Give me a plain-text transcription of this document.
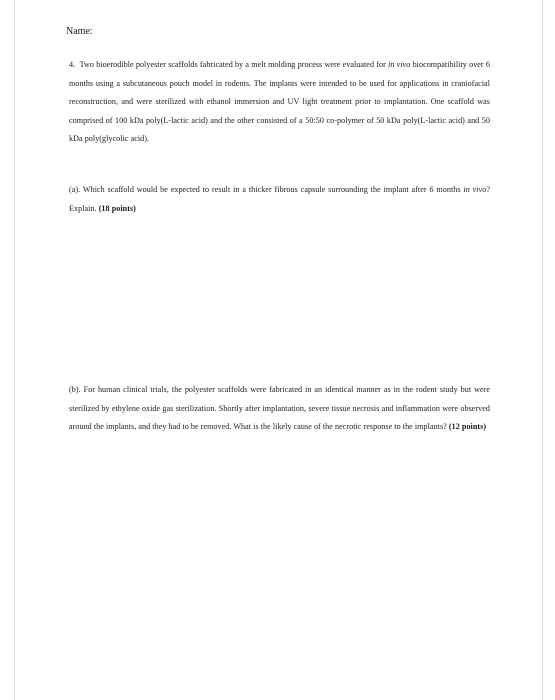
Name:

4. Two bioerodible polyester scaffolds fabricated by a melt molding process were evaluated for in vivo biocompatibility over 6 months using a subcutaneous pouch model in rodents. The implants were intended to be used for applications in craniofacial reconstruction, and were sterilized with ethanol immersion and UV light treatment prior to implantation. One scaffold was comprised of 100 kDa poly(L-lactic acid) and the other consisted of a 50:50 co-polymer of 50 kDa poly(L-lactic acid) and 50 kDa poly(glycolic acid).

(a). Which scaffold would be expected to result in a thicker fibrous capsule surrounding the implant after 6 months in vivo? Explain. (18 points)

(b). For human clinical trials, the polyester scaffolds were fabricated in an identical manner as in the rodent study but were sterilized by ethylene oxide gas sterilization. Shortly after implantation, severe tissue necrosis and inflammation were observed around the implants, and they had to be removed. What is the likely cause of the necrotic response to the implants? (12 points)
